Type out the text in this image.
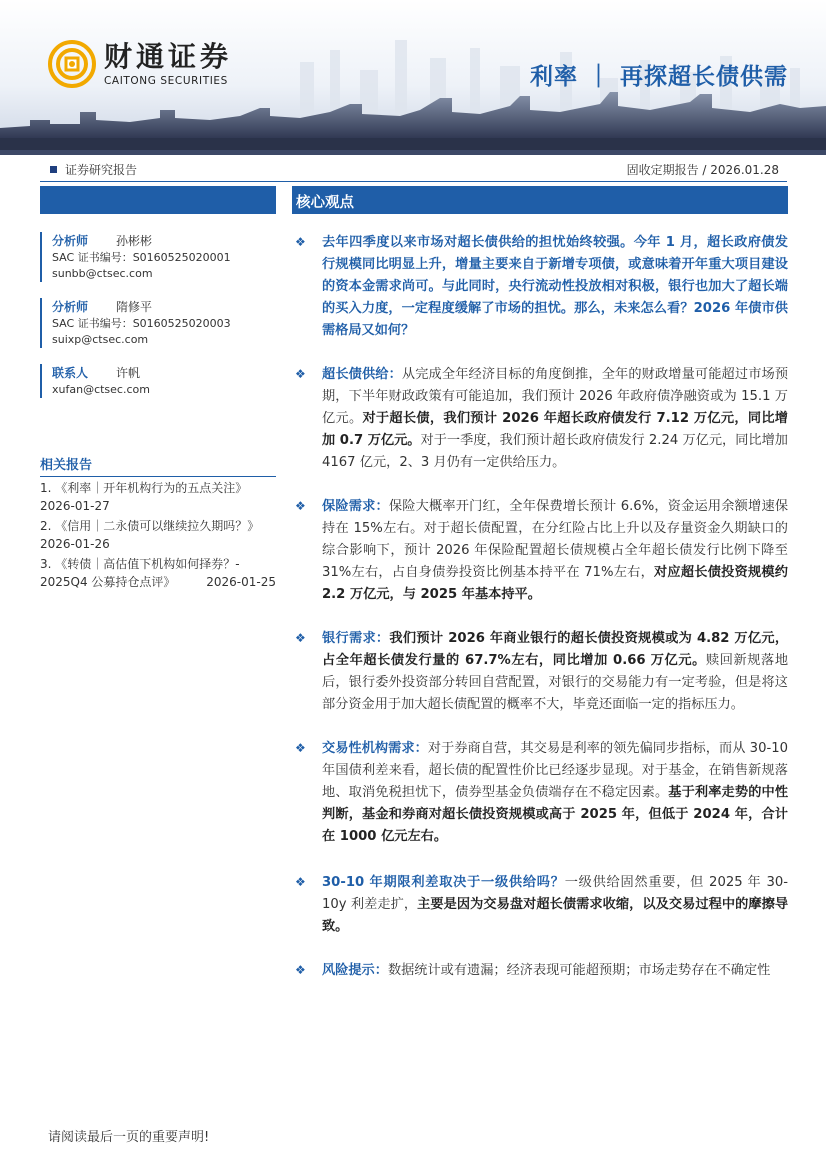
财通证券
CAITONG SECURITIES	利率 ｜ 再探超长债供需
证券研究报告	固收定期报告 / 2026.01.28
分析师	孙彬彬
SAC 证书编号：S0160525020001
sunbb@ctsec.com
分析师	隋修平
SAC 证书编号：S0160525020003
suixp@ctsec.com
联系人	许帆
xufan@ctsec.com
相关报告
1. 《利率｜开年机构行为的五点关注》
2026-01-27
2. 《信用｜二永债可以继续拉久期吗？》
2026-01-26
3. 《转债｜高估值下机构如何择券？-
2025Q4 公募持仓点评》	2026-01-25
核心观点
❖	去年四季度以来市场对超长债供给的担忧始终较强。今年 1 月，超长政府债发行规模同比明显上升，增量主要来自于新增专项债，或意味着开年重大项目建设的资本金需求尚可。与此同时，央行流动性投放相对积极，银行也加大了超长端的买入力度，一定程度缓解了市场的担忧。那么，未来怎么看？2026 年债市供需格局又如何？
❖	超长债供给：从完成全年经济目标的角度倒推，全年的财政增量可能超过市场预期，下半年财政政策有可能追加，我们预计 2026 年政府债净融资或为 15.1 万亿元。对于超长债，我们预计 2026 年超长政府债发行 7.12 万亿元，同比增加 0.7 万亿元。对于一季度，我们预计超长政府债发行 2.24 万亿元，同比增加 4167 亿元，2、3 月仍有一定供给压力。
❖	保险需求：保险大概率开门红，全年保费增长预计 6.6%，资金运用余额增速保持在 15%左右。对于超长债配置，在分红险占比上升以及存量资金久期缺口的综合影响下，预计 2026 年保险配置超长债规模占全年超长债发行比例下降至 31%左右，占自身债券投资比例基本持平在 71%左右，对应超长债投资规模约 2.2 万亿元，与 2025 年基本持平。
❖	银行需求：我们预计 2026 年商业银行的超长债投资规模或为 4.82 万亿元，占全年超长债发行量的 67.7%左右，同比增加 0.66 万亿元。赎回新规落地后，银行委外投资部分转回自营配置，对银行的交易能力有一定考验，但是将这部分资金用于加大超长债配置的概率不大，毕竟还面临一定的指标压力。
❖	交易性机构需求：对于券商自营，其交易是利率的领先偏同步指标，而从 30-10 年国债利差来看，超长债的配置性价比已经逐步显现。对于基金，在销售新规落地、取消免税担忧下，债券型基金负债端存在不稳定因素。基于利率走势的中性判断，基金和券商对超长债投资规模或高于 2025 年，但低于 2024 年，合计在 1000 亿元左右。
❖	30-10 年期限利差取决于一级供给吗？一级供给固然重要，但 2025 年 30-10y 利差走扩，主要是因为交易盘对超长债需求收缩，以及交易过程中的摩擦导致。
❖	风险提示：数据统计或有遗漏；经济表现可能超预期；市场走势存在不确定性
请阅读最后一页的重要声明!
